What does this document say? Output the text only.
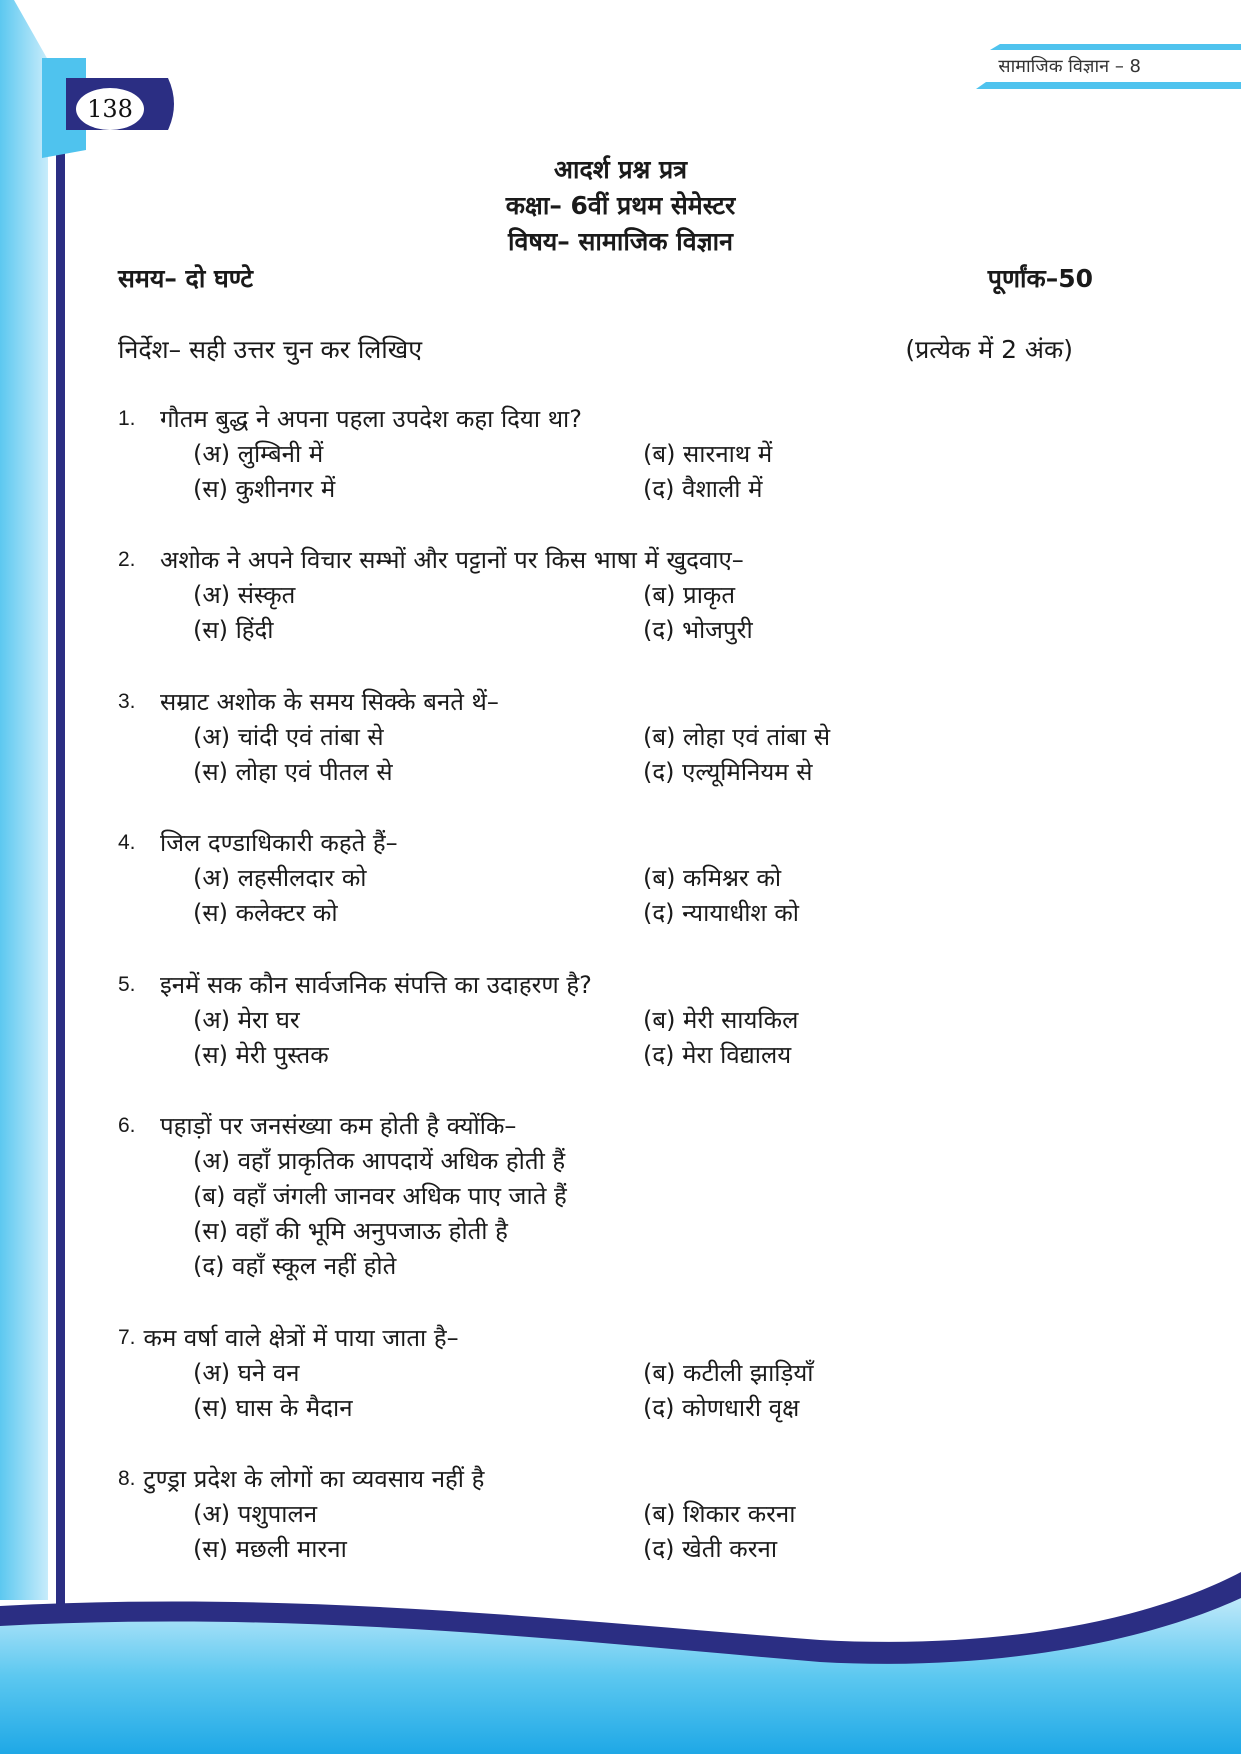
सामाजिक विज्ञान – 8
138
आदर्श प्रश्न प्रत्र
कक्षा– 6वीं प्रथम सेमेस्टर
विषय– सामाजिक विज्ञान
समय– दो घण्टे	पूर्णांक–50
निर्देश– सही उत्तर चुन कर लिखिए	(प्रत्येक में 2 अंक)
1.	गौतम बुद्ध ने अपना पहला उपदेश कहा दिया था?
(अ) लुम्बिनी में	(ब) सारनाथ में
(स) कुशीनगर में	(द) वैशाली में
2.	अशोक ने अपने विचार सम्भों और पट्टानों पर किस भाषा में खुदवाए–
(अ) संस्कृत	(ब) प्राकृत
(स) हिंदी	(द) भोजपुरी
3.	सम्राट अशोक के समय सिक्के बनते थें–
(अ) चांदी एवं तांबा से	(ब) लोहा एवं तांबा से
(स) लोहा एवं पीतल से	(द) एल्यूमिनियम से
4.	जिल दण्डाधिकारी कहते हैं–
(अ) लहसीलदार को	(ब) कमिश्नर को
(स) कलेक्टर को	(द) न्यायाधीश को
5.	इनमें सक कौन सार्वजनिक संपत्ति का उदाहरण है?
(अ) मेरा घर	(ब) मेरी सायकिल
(स) मेरी पुस्तक	(द) मेरा विद्यालय
6.	पहाड़ों पर जनसंख्या कम होती है क्योंकि–
(अ) वहाँ प्राकृतिक आपदायें अधिक होती हैं
(ब) वहाँ जंगली जानवर अधिक पाए जाते हैं
(स) वहाँ की भूमि अनुपजाऊ होती है
(द) वहाँ स्कूल नहीं होते
7. कम वर्षा वाले क्षेत्रों में पाया जाता है–
(अ) घने वन	(ब) कटीली झाड़ियाँ
(स) घास के मैदान	(द) कोणधारी वृक्ष
8. टुण्ड्रा प्रदेश के लोगों का व्यवसाय नहीं है
(अ) पशुपालन	(ब) शिकार करना
(स) मछली मारना	(द) खेती करना
